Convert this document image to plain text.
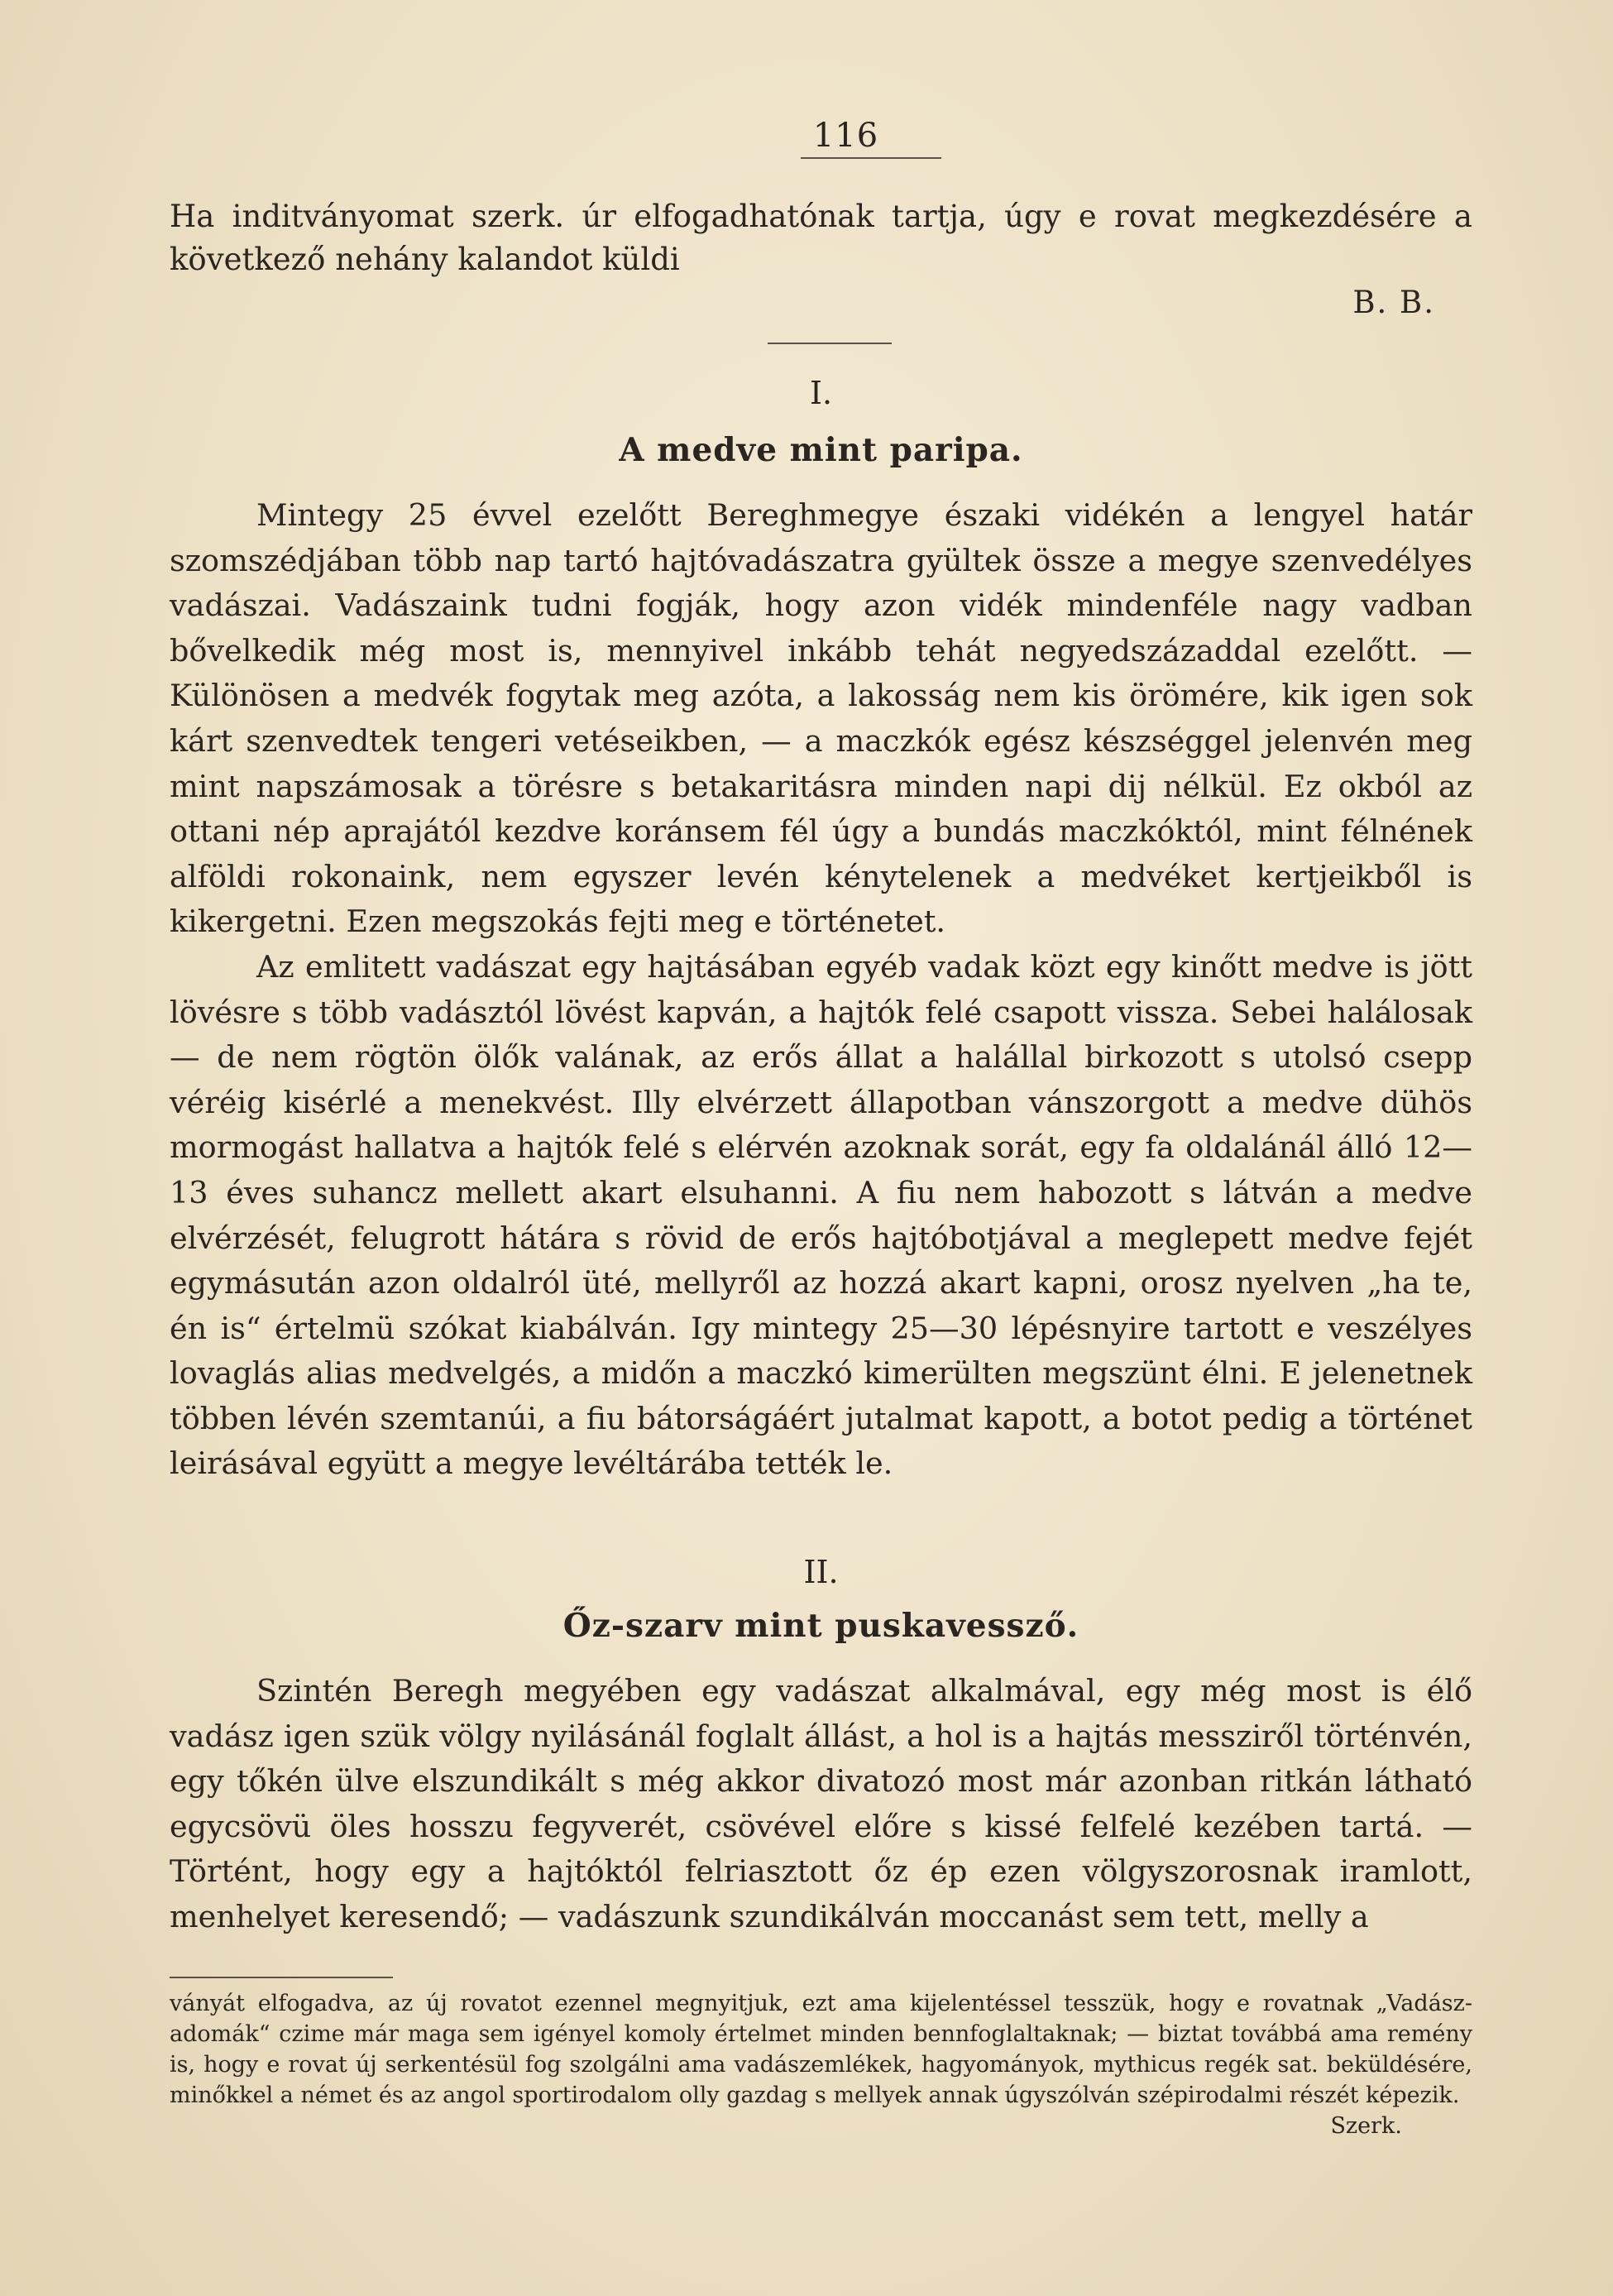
116

Ha inditványomat szerk. úr elfogadhatónak tartja, úgy e rovat megkezdésére a következő nehány kalandot küldi

B. B.

I.
A medve mint paripa.

Mintegy 25 évvel ezelőtt Bereghmegye északi vidékén a lengyel határ szomszédjában több nap tartó hajtóvadászatra gyültek össze a megye szenvedélyes vadászai. Vadászaink tudni fogják, hogy azon vidék mindenféle nagy vadban bővelkedik még most is, mennyivel inkább tehát negyedszázaddal ezelőtt. — Különösen a medvék fogytak meg azóta, a lakosság nem kis örömére, kik igen sok kárt szenvedtek tengeri vetéseikben, — a maczkók egész készséggel jelenvén meg mint napszámosak a törésre s betakaritásra minden napi dij nélkül. Ez okból az ottani nép aprajától kezdve koránsem fél úgy a bundás maczkóktól, mint félnének alföldi rokonaink, nem egyszer levén kénytelenek a medvéket kertjeikből is kikergetni. Ezen megszokás fejti meg e történetet.

Az emlitett vadászat egy hajtásában egyéb vadak közt egy kinőtt medve is jött lövésre s több vadásztól lövést kapván, a hajtók felé csapott vissza. Sebei halálosak — de nem rögtön ölők valának, az erős állat a halállal birkozott s utolsó csepp véréig kisérlé a menekvést. Illy elvérzett állapotban vánszorgott a medve dühös mormogást hallatva a hajtók felé s elérvén azoknak sorát, egy fa oldalánál álló 12—13 éves suhancz mellett akart elsuhanni. A fiu nem habozott s látván a medve elvérzését, felugrott hátára s rövid de erős hajtóbotjával a meglepett medve fejét egymásután azon oldalról üté, mellyről az hozzá akart kapni, orosz nyelven „ha te, én is“ értelmü szókat kiabálván. Igy mintegy 25—30 lépésnyire tartott e veszélyes lovaglás alias medvelgés, a midőn a maczkó kimerülten megszünt élni. E jelenetnek többen lévén szemtanúi, a fiu bátorságáért jutalmat kapott, a botot pedig a történet leirásával együtt a megye levéltárába tették le.

II.
Őz-szarv mint puskavessző.

Szintén Beregh megyében egy vadászat alkalmával, egy még most is élő vadász igen szük völgy nyilásánál foglalt állást, a hol is a hajtás messziről történvén, egy tőkén ülve elszundikált s még akkor divatozó most már azonban ritkán látható egycsövü öles hosszu fegyverét, csövével előre s kissé felfelé kezében tartá. — Történt, hogy egy a hajtóktól felriasztott őz ép ezen völgyszorosnak iramlott, menhelyet keresendő; — vadászunk szundikálván moccanást sem tett, melly a

ványát elfogadva, az új rovatot ezennel megnyitjuk, ezt ama kijelentéssel tesszük, hogy e rovatnak „Vadász-adomák“ czime már maga sem igényel komoly értelmet minden bennfoglaltaknak; — biztat továbbá ama remény is, hogy e rovat új serkentésül fog szolgálni ama vadászemlékek, hagyományok, mythicus regék sat. beküldésére, minőkkel a német és az angol sportirodalom olly gazdag s mellyek annak úgyszólván szépirodalmi részét képezik.

Szerk.
